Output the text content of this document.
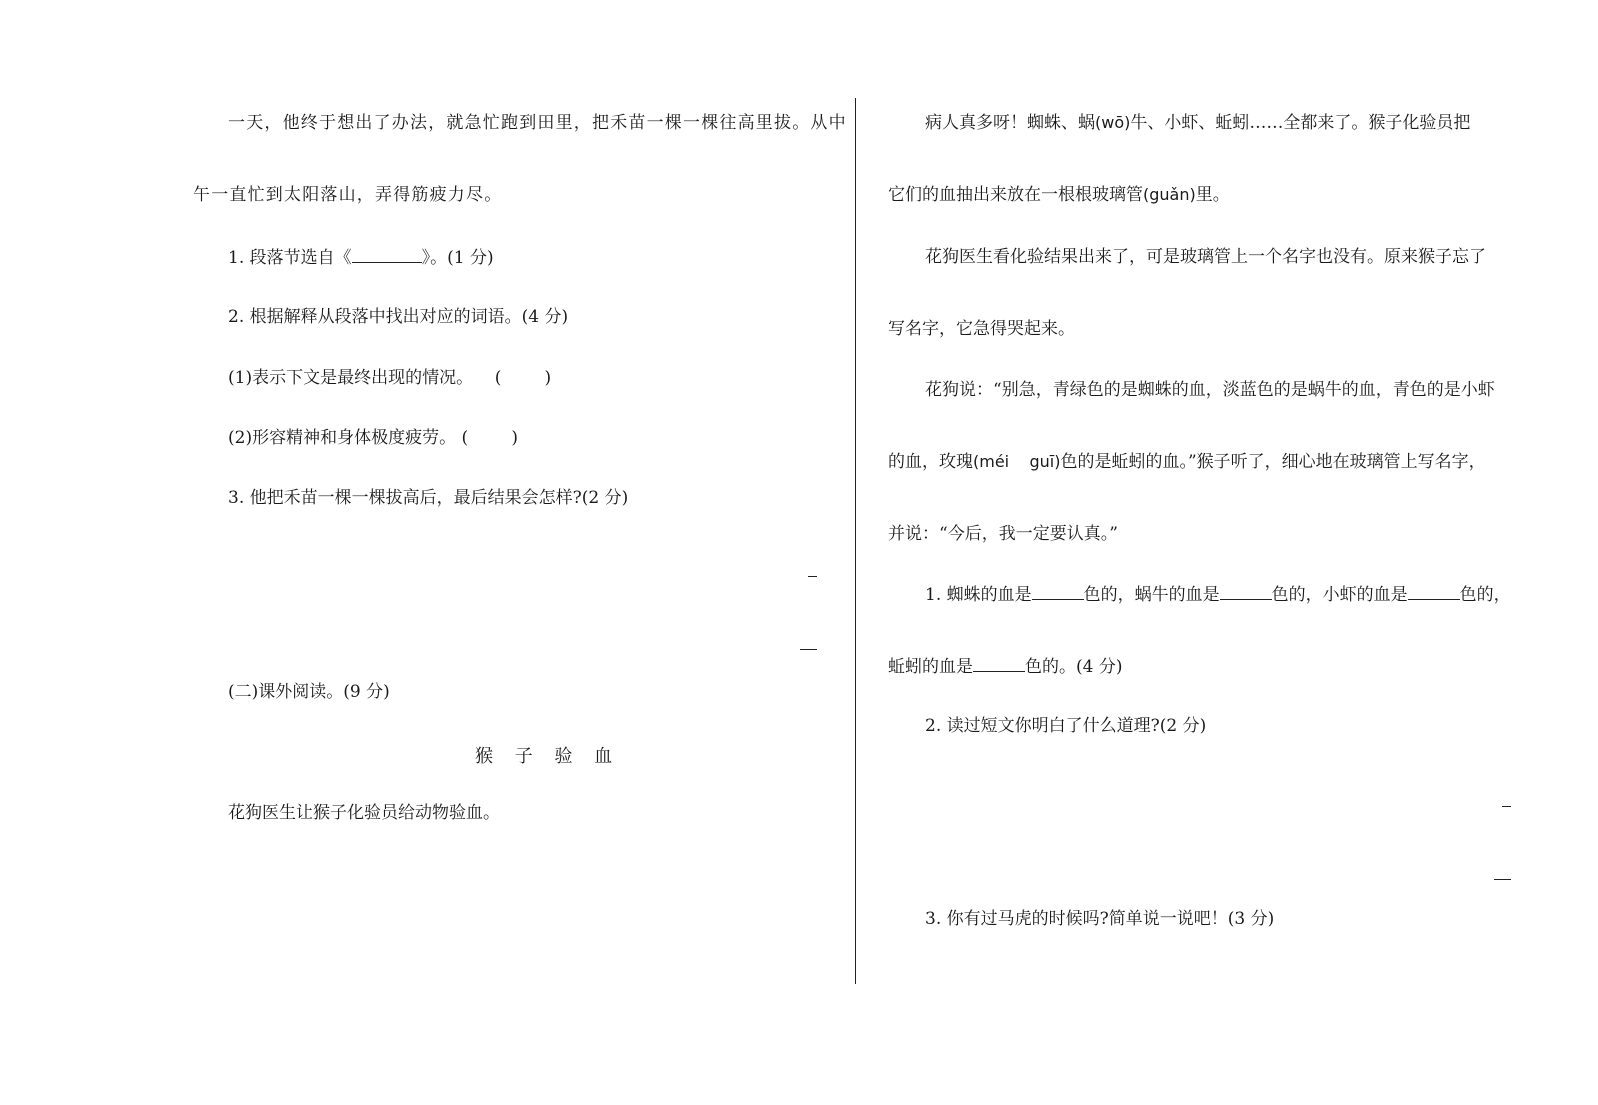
一天，他终于想出了办法，就急忙跑到田里，把禾苗一棵一棵往高里拔。从中
午一直忙到太阳落山，弄得筋疲力尽。
1. 段落节选自《	》。(1 分)
2. 根据解释从段落中找出对应的词语。(4 分)
(1)表示下文是最终出现的情况。    (        )
(2)形容精神和身体极度疲劳。 (        )
3. 他把禾苗一棵一棵拔高后，最后结果会怎样?(2 分)
(二)课外阅读。(9 分)
猴 子 验 血
花狗医生让猴子化验员给动物验血。
病人真多呀！蜘蛛、蜗(wō)牛、小虾、蚯蚓……全都来了。猴子化验员把
它们的血抽出来放在一根根玻璃管(guǎn)里。
花狗医生看化验结果出来了，可是玻璃管上一个名字也没有。原来猴子忘了
写名字，它急得哭起来。
花狗说：“别急，青绿色的是蜘蛛的血，淡蓝色的是蜗牛的血，青色的是小虾
的血，玫瑰(méi    guī)色的是蚯蚓的血。”猴子听了，细心地在玻璃管上写名字，
并说：“今后，我一定要认真。”
1. 蜘蛛的血是	色的，蜗牛的血是	色的，小虾的血是	色的，
蚯蚓的血是	色的。(4 分)
2. 读过短文你明白了什么道理?(2 分)
3. 你有过马虎的时候吗?简单说一说吧！(3 分)
